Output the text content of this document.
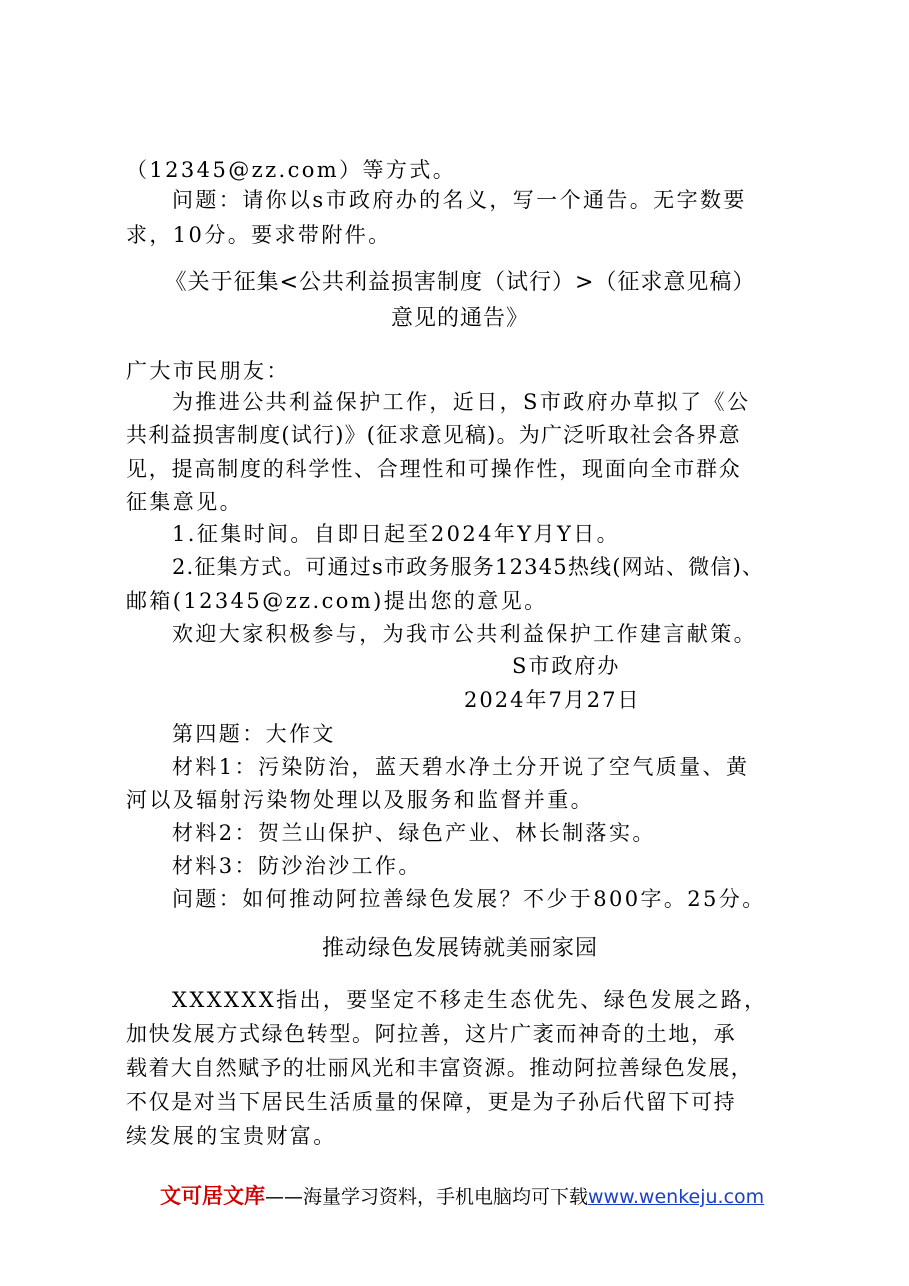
（12345@zz.com）等方式。
问题：请你以s市政府办的名义，写一个通告。无字数要
求，10分。要求带附件。
《关于征集<公共利益损害制度（试行）>（征求意见稿）
意见的通告》
广大市民朋友：
为推进公共利益保护工作，近日，S市政府办草拟了《公
共利益损害制度(试行)》(征求意见稿)。为广泛听取社会各界意
见，提高制度的科学性、合理性和可操作性，现面向全市群众
征集意见。
1.征集时间。自即日起至2024年Y月Y日。
2.征集方式。可通过s市政务服务12345热线(网站、微信)、
邮箱(12345@zz.com)提出您的意见。
欢迎大家积极参与，为我市公共利益保护工作建言献策。
S市政府办
2024年7月27日
第四题：大作文
材料1：污染防治，蓝天碧水净土分开说了空气质量、黄
河以及辐射污染物处理以及服务和监督并重。
材料2：贺兰山保护、绿色产业、林长制落实。
材料3：防沙治沙工作。
问题：如何推动阿拉善绿色发展？不少于800字。25分。
推动绿色发展铸就美丽家园
XXXXXX指出，要坚定不移走生态优先、绿色发展之路，
加快发展方式绿色转型。阿拉善，这片广袤而神奇的土地，承
载着大自然赋予的壮丽风光和丰富资源。推动阿拉善绿色发展，
不仅是对当下居民生活质量的保障，更是为子孙后代留下可持
续发展的宝贵财富。
文可居文库——海量学习资料，手机电脑均可下载www.wenkeju.com
